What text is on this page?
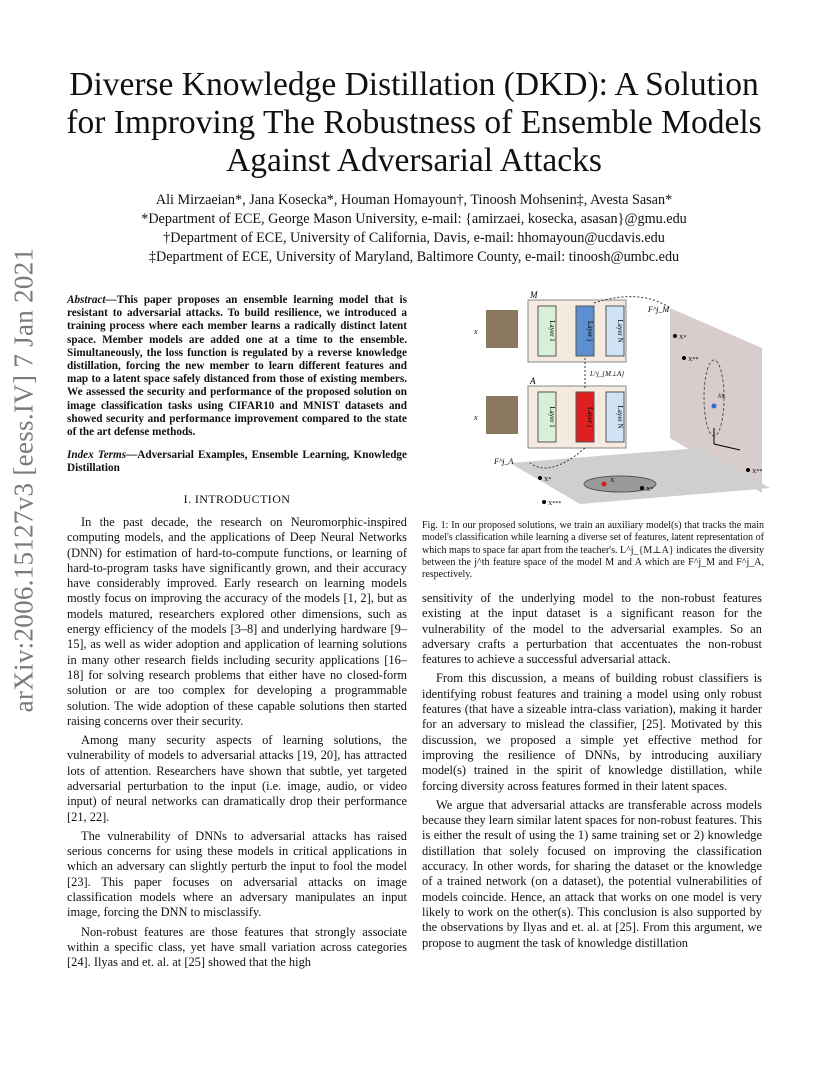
arXiv:2006.15127v3 [eess.IV] 7 Jan 2021
Diverse Knowledge Distillation (DKD): A Solution for Improving The Robustness of Ensemble Models Against Adversarial Attacks
Ali Mirzaeian*, Jana Kosecka*, Houman Homayoun†, Tinoosh Mohsenin‡, Avesta Sasan*
*Department of ECE, George Mason University, e-mail: {amirzaei, kosecka, asasan}@gmu.edu
†Department of ECE, University of California, Davis, e-mail: hhomayoun@ucdavis.edu
‡Department of ECE, University of Maryland, Baltimore County, e-mail: tinoosh@umbc.edu
Abstract—This paper proposes an ensemble learning model that is resistant to adversarial attacks. To build resilience, we introduced a training process where each member learns a radically distinct latent space. Member models are added one at a time to the ensemble. Simultaneously, the loss function is regulated by a reverse knowledge distillation, forcing the new member to learn different features and map to a latent space safely distanced from those of existing members. We assessed the security and performance of the proposed solution on image classification tasks using CIFAR10 and MNIST datasets and showed security and performance improvement compared to the state of the art defense methods.
Index Terms—Adversarial Examples, Ensemble Learning, Knowledge Distillation
I. INTRODUCTION

In the past decade, the research on Neuromorphic-inspired computing models, and the applications of Deep Neural Networks (DNN) for estimation of hard-to-compute functions, or learning of hard-to-program tasks have significantly grown, and their accuracy have considerably improved. Early research on learning models mostly focus on improving the accuracy of the models [1, 2], but as models matured, researchers explored other dimensions, such as energy efficiency of the models [3–8] and underlying hardware [9–15], as well as wider adoption and application of learning solutions in many other research fields including security applications [16–18] for solving research problems that either have no closed-form solution or are too complex for developing a programmable solution. The wide adoption of these capable solutions then started raising concerns over their security.

Among many security aspects of learning solutions, the vulnerability of models to adversarial attacks [19, 20], has attracted lots of attention. Researchers have shown that subtle, yet targeted adversarial perturbation to the input (i.e. image, audio, or video input) of neural networks can dramatically drop their performance [21, 22].

The vulnerability of DNNs to adversarial attacks has raised serious concerns for using these models in critical applications in which an adversary can slightly perturb the input to fool the model [23]. This paper focuses on adversarial attacks on image classification models where an adversary manipulates an input image, forcing the DNN to misclassify.

Non-robust features are those features that strongly associate within a specific class, yet have small variation across categories [24]. Ilyas and et. al. at [25] showed that the high

M
Layer 1	Layer j	Layer N
x
x
A
Layer 1	Layer j	Layer N
L^j_{M⊥A}
F^j_M
F^j_A
X*
X**
δX
X
X*
X*
X***
X**
Fig. 1: In our proposed solutions, we train an auxiliary model(s) that tracks the main model's classification while learning a diverse set of features, latent representation of which maps to space far apart from the teacher's. L^j_{M⊥A} indicates the diversity between the j^th feature space of the model M and A which are F^j_M and F^j_A, respectively.

sensitivity of the underlying model to the non-robust features existing at the input dataset is a significant reason for the vulnerability of the model to the adversarial examples. So an adversary crafts a perturbation that accentuates the non-robust features to achieve a successful adversarial attack.

From this discussion, a means of building robust classifiers is identifying robust features and training a model using only robust features (that have a sizeable intra-class variation), making it harder for an adversary to mislead the classifier, [25]. Motivated by this discussion, we proposed a simple yet effective method for improving the resilience of DNNs, by introducing auxiliary model(s) trained in the spirit of knowledge distillation, while forcing diversity across features formed in their latent spaces.

We argue that adversarial attacks are transferable across models because they learn similar latent spaces for non-robust features. This is either the result of using the 1) same training set or 2) knowledge distillation that solely focused on improving the classification accuracy. In other words, for sharing the dataset or the knowledge of a trained network (on a dataset), the potential vulnerabilities of models coincide. Hence, an attack that works on one model is very likely to work on the other(s). This conclusion is also supported by the observations by Ilyas and et. al. at [25]. From this argument, we propose to augment the task of knowledge distillation
